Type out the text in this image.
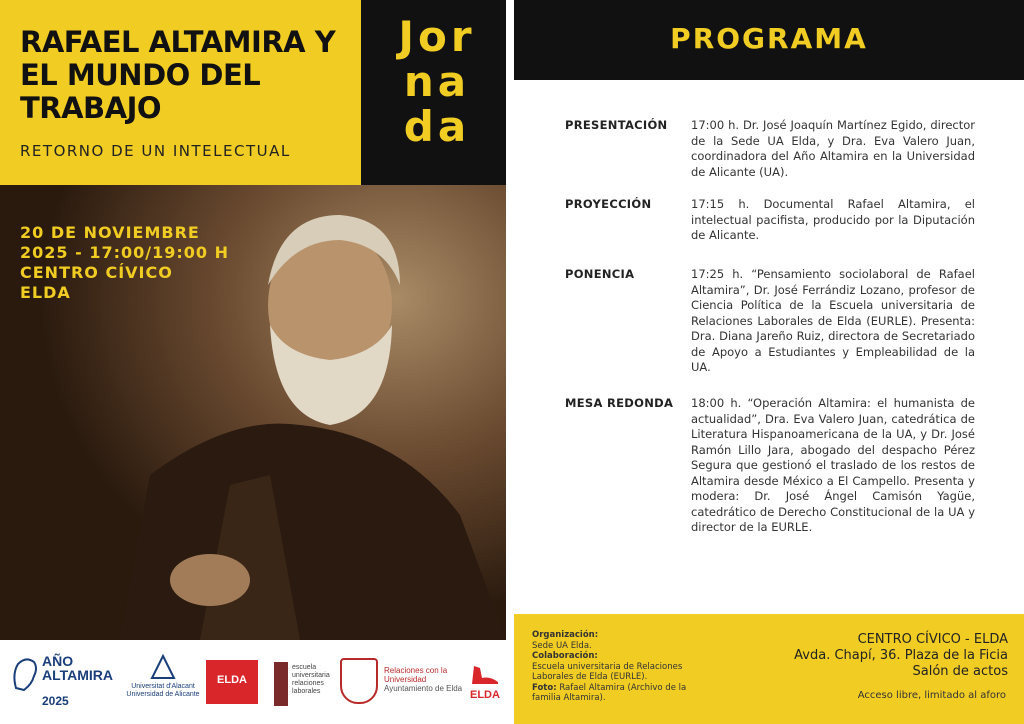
RAFAEL ALTAMIRA Y EL MUNDO DEL TRABAJO
RETORNO DE UN INTELECTUAL
Jor na da
20 DE NOVIEMBRE
2025 - 17:00/19:00 H
CENTRO CÍVICO
ELDA
AÑO
ALTAMIRA
2025
Universitat d'Alacant
Universidad de Alicante
ELDA
escuela universitaria relaciones laborales
Relaciones con la Universidad
Ayuntamiento de Elda
ELDA
PROGRAMA
PRESENTACIÓN 17:00 h. Dr. José Joaquín Martínez Egido, director de la Sede UA Elda, y Dra. Eva Valero Juan, coordinadora del Año Altamira en la Universidad de Alicante (UA).
PROYECCIÓN	17:15 h. Documental Rafael Altamira, el intelectual pacifista, producido por la Diputación de Alicante.
PONENCIA	17:25 h. “Pensamiento sociolaboral de Rafael Altamira”, Dr. José Ferrándiz Lozano, profesor de Ciencia Política de la Escuela universitaria de Relaciones Laborales de Elda (EURLE). Presenta: Dra. Diana Jareño Ruiz, directora de Secretariado de Apoyo a Estudiantes y Empleabilidad de la UA.
MESA REDONDA 18:00 h. “Operación Altamira: el humanista de actualidad”, Dra. Eva Valero Juan, catedrática de Literatura Hispanoamericana de la UA, y Dr. José Ramón Lillo Jara, abogado del despacho Pérez Segura que gestionó el traslado de los restos de Altamira desde México a El Campello. Presenta y modera: Dr. José Ángel Camisón Yagüe, catedrático de Derecho Constitucional de la UA y director de la EURLE.
Organización:
Sede UA Elda.
Colaboración:
Escuela universitaria de Relaciones Laborales de Elda (EURLE).
Foto: Rafael Altamira (Archivo de la familia Altamira).
CENTRO CÍVICO - ELDA
Avda. Chapí, 36. Plaza de la Ficia
Salón de actos
Acceso libre, limitado al aforo
